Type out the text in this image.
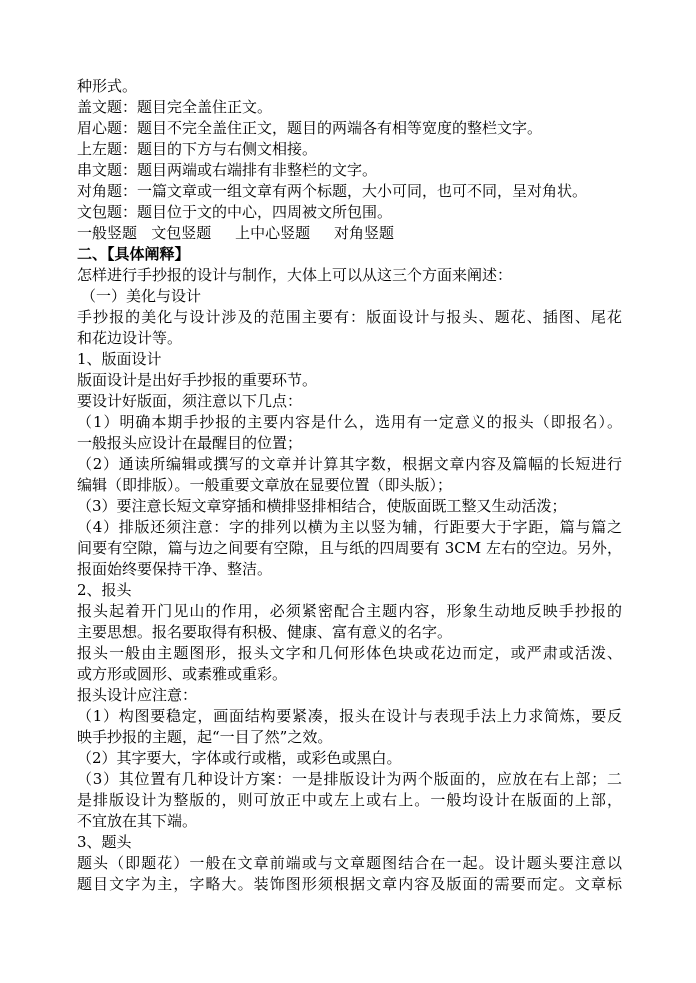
种形式。
盖文题：题目完全盖住正文。
眉心题：题目不完全盖住正文，题目的两端各有相等宽度的整栏文字。
上左题：题目的下方与右侧文相接。
串文题：题目两端或右端排有非整栏的文字。
对角题：一篇文章或一组文章有两个标题，大小可同，也可不同，呈对角状。
文包题：题目位于文的中心，四周被文所包围。
一般竖题   文包竖题     上中心竖题     对角竖题
二、【具体阐释】
怎样进行手抄报的设计与制作，大体上可以从这三个方面来阐述：
（一）美化与设计
手抄报的美化与设计涉及的范围主要有：版面设计与报头、题花、插图、尾花
和花边设计等。
1、版面设计
版面设计是出好手抄报的重要环节。
要设计好版面，须注意以下几点：
（1）明确本期手抄报的主要内容是什么，选用有一定意义的报头（即报名）。
一般报头应设计在最醒目的位置；
（2）通读所编辑或撰写的文章并计算其字数，根据文章内容及篇幅的长短进行
编辑（即排版）。一般重要文章放在显要位置（即头版）；
（3）要注意长短文章穿插和横排竖排相结合，使版面既工整又生动活泼；
（4）排版还须注意：字的排列以横为主以竖为辅，行距要大于字距，篇与篇之
间要有空隙，篇与边之间要有空隙，且与纸的四周要有 3CM 左右的空边。另外，
报面始终要保持干净、整洁。
2、报头
报头起着开门见山的作用，必须紧密配合主题内容，形象生动地反映手抄报的
主要思想。报名要取得有积极、健康、富有意义的名字。
报头一般由主题图形，报头文字和几何形体色块或花边而定，或严肃或活泼、
或方形或圆形、或素雅或重彩。
报头设计应注意：
（1）构图要稳定，画面结构要紧凑，报头在设计与表现手法上力求简炼，要反
映手抄报的主题，起“一目了然”之效。
（2）其字要大，字体或行或楷，或彩色或黑白。
（3）其位置有几种设计方案：一是排版设计为两个版面的，应放在右上部；二
是排版设计为整版的，则可放正中或左上或右上。一般均设计在版面的上部，
不宜放在其下端。
3、题头
题头（即题花）一般在文章前端或与文章题图结合在一起。设计题头要注意以
题目文字为主，字略大。装饰图形须根据文章内容及版面的需要而定。文章标
